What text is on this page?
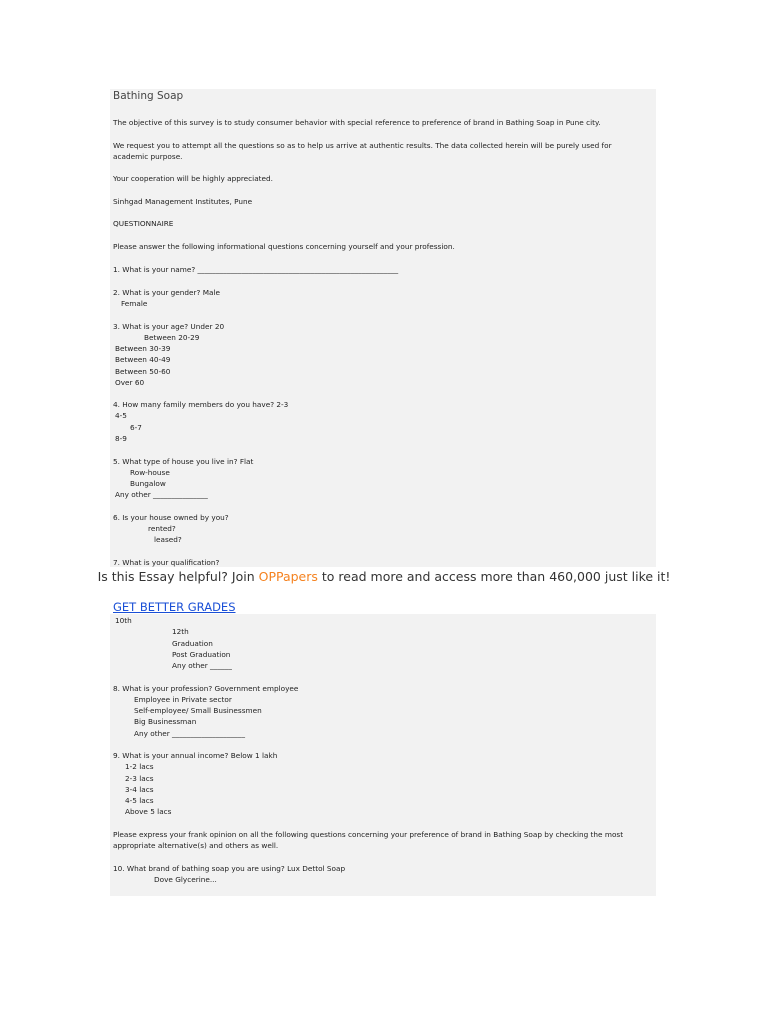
Bathing Soap
The objective of this survey is to study consumer behavior with special reference to preference of brand in Bathing Soap in Pune city.
We request you to attempt all the questions so as to help us arrive at authentic results. The data collected herein will be purely used for academic purpose.
Your cooperation will be highly appreciated.
Sinhgad Management Institutes, Pune
QUESTIONNAIRE
Please answer the following informational questions concerning yourself and your profession.
1. What is your name? _______________________________________________________
2. What is your gender? Male
Female
3. What is your age? Under 20
Between 20-29
Between 30-39
Between 40-49
Between 50-60
Over 60
4. How many family members do you have? 2-3
4-5
6-7
8-9
5. What type of house you live in? Flat
Row-house
Bungalow
Any other _______________
6. Is your house owned by you?
rented?
leased?
7. What is your qualification?
Is this Essay helpful? Join OPPapers to read more and access more than 460,000 just like it!
GET BETTER GRADES
10th
12th
Graduation
Post Graduation
Any other ______
8. What is your profession? Government employee
Employee in Private sector
Self-employee/ Small Businessmen
Big Businessman
Any other ____________________
9. What is your annual income? Below 1 lakh
1-2 lacs
2-3 lacs
3-4 lacs
4-5 lacs
Above 5 lacs
Please express your frank opinion on all the following questions concerning your preference of brand in Bathing Soap by checking the most appropriate alternative(s) and others as well.
10. What brand of bathing soap you are using? Lux Dettol Soap
Dove Glycerine...
